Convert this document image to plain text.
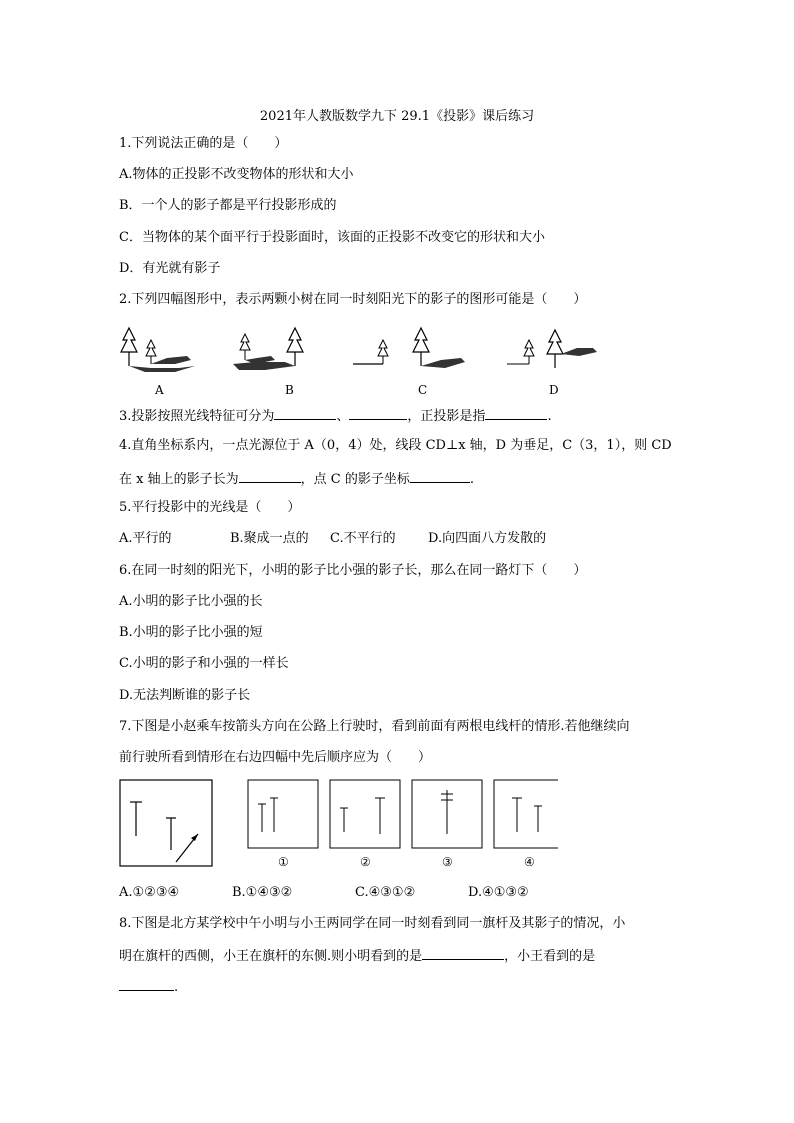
2021年人教版数学九下 29.1《投影》课后练习
1.下列说法正确的是（　　）
A.物体的正投影不改变物体的形状和大小
B．一个人的影子都是平行投影形成的
C．当物体的某个面平行于投影面时，该面的正投影不改变它的形状和大小
D．有光就有影子
2.下列四幅图形中，表示两颗小树在同一时刻阳光下的影子的图形可能是（　　）
A	B	C	D
3.投影按照光线特征可分为	、	，正投影是指	.
4.直角坐标系内，一点光源位于 A（0，4）处，线段 CD⊥x 轴，D 为垂足，C（3，1），则 CD
在 x 轴上的影子长为	，点 C 的影子坐标	.
5.平行投影中的光线是（　　）
A.平行的	B.聚成一点的 C.不平行的 D.向四面八方发散的
6.在同一时刻的阳光下，小明的影子比小强的影子长，那么在同一路灯下（　　）
A.小明的影子比小强的长
B.小明的影子比小强的短
C.小明的影子和小强的一样长
D.无法判断谁的影子长
7.下图是小赵乘车按箭头方向在公路上行驶时，看到前面有两根电线杆的情形.若他继续向
前行驶所看到情形在右边四幅中先后顺序应为（　　）
①	②	③	④
A.①②③④	B.①④③②	C.④③①②	D.④①③②
8.下图是北方某学校中午小明与小王两同学在同一时刻看到同一旗杆及其影子的情况，小
明在旗杆的西侧，小王在旗杆的东侧.则小明看到的是	，小王看到的是
.
